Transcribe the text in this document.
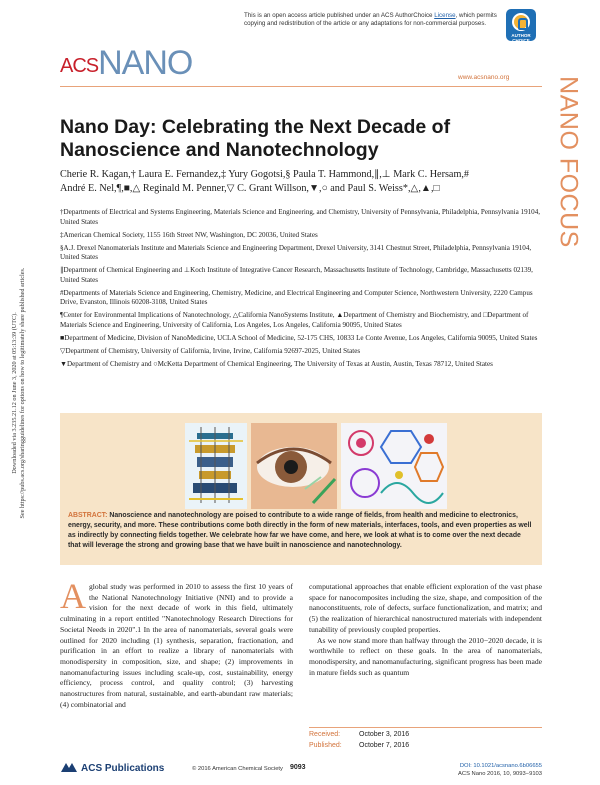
Downloaded via 3.235.21.12 on June 3, 2020 at 05:13:39 (UTC). See https://pubs.acs.org/sharingguidelines for options on how to legitimately share published articles.
This is an open access article published under an ACS AuthorChoice License, which permits copying and redistribution of the article or any adaptations for non-commercial purposes.
AUTHOR CHOICE
ACSNANO	www.acsnano.org NANO FOCUS
Nano Day: Celebrating the Next Decade of Nanoscience and Nanotechnology
Cherie R. Kagan,† Laura E. Fernandez,‡ Yury Gogotsi,§ Paula T. Hammond,∥,⊥ Mark C. Hersam,#
André E. Nel,¶,■,△ Reginald M. Penner,▽ C. Grant Willson,▼,○ and Paul S. Weiss*,△,▲,□

†Departments of Electrical and Systems Engineering, Materials Science and Engineering, and Chemistry, University of Pennsylvania, Philadelphia, Pennsylvania 19104, United States

‡American Chemical Society, 1155 16th Street NW, Washington, DC 20036, United States

§A.J. Drexel Nanomaterials Institute and Materials Science and Engineering Department, Drexel University, 3141 Chestnut Street, Philadelphia, Pennsylvania 19104, United States

∥Department of Chemical Engineering and ⊥Koch Institute of Integrative Cancer Research, Massachusetts Institute of Technology, Cambridge, Massachusetts 02139, United States

#Departments of Materials Science and Engineering, Chemistry, Medicine, and Electrical Engineering and Computer Science, Northwestern University, 2220 Campus Drive, Evanston, Illinois 60208-3108, United States

¶Center for Environmental Implications of Nanotechnology, △California NanoSystems Institute, ▲Department of Chemistry and Biochemistry, and □Department of Materials Science and Engineering, University of California, Los Angeles, Los Angeles, California 90095, United States

■Department of Medicine, Division of NanoMedicine, UCLA School of Medicine, 52-175 CHS, 10833 Le Conte Avenue, Los Angeles, California 90095, United States

▽Department of Chemistry, University of California, Irvine, Irvine, California 92697-2025, United States

▼Department of Chemistry and ○McKetta Department of Chemical Engineering, The University of Texas at Austin, Austin, Texas 78712, United States

ABSTRACT: Nanoscience and nanotechnology are poised to contribute to a wide range of fields, from health and medicine to electronics, energy, security, and more. These contributions come both directly in the form of new materials, interfaces, tools, and even properties as well as indirectly by connecting fields together. We celebrate how far we have come, and here, we look at what is to come over the next decade that will leverage the strong and growing base that we have built in nanoscience and nanotechnology.
Aglobal study was performed in 2010 to assess the first 10 years of the National Nanotechnology Initiative (NNI) and to provide a vision for the next decade of work in this field, ultimately culminating in a report entitled "Nanotechnology Research Directions for Societal Needs in 2020".1 In the area of nanomaterials, several goals were outlined for 2020 including (1) synthesis, separation, fractionation, and purification in an effort to realize a library of nanomaterials with monodispersity in composition, size, and shape; (2) improvements in nanomanufacturing issues including scale-up, cost, sustainability, energy efficiency, process control, and quality control; (3) harvesting nanostructures from natural, sustainable, and earth-abundant raw materials; (4) combinatorial and

computational approaches that enable efficient exploration of the vast phase space for nanocomposites including the size, shape, and composition of the nanoconstituents, role of defects, surface functionalization, and matrix; and (5) the realization of hierarchical nanostructured materials with independent tunability of previously coupled properties.

As we now stand more than halfway through the 2010−2020 decade, it is worthwhile to reflect on these goals. In the area of nanomaterials, monodispersity, and nanomanufacturing, significant progress has been made in mature fields such as quantum

Received:	October 3, 2016
Published: October 7, 2016
ACS Publications	© 2016 American Chemical Society 9093	DOI: 10.1021/acsnano.6b06655
ACS Nano 2016, 10, 9093−9103
